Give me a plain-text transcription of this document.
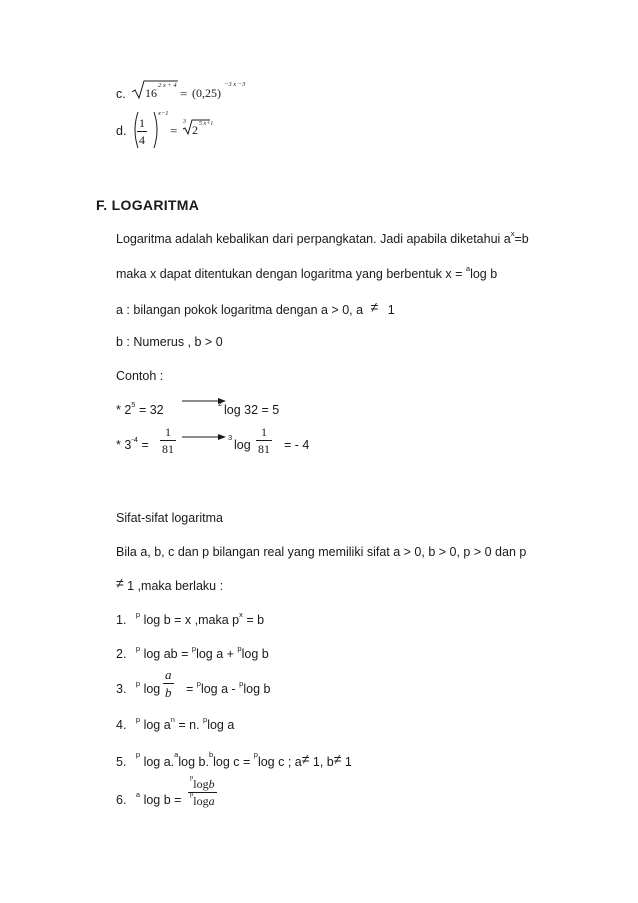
c. 16
2 x + 4
= (0,25)
−3 x −3
d. $\frac{1}{4}$
x−1
=
3
2 5 x+1
F. LOGARITMA
Logaritma adalah kebalikan dari perpangkatan. Jadi apabila diketahui $a^x=b$
maka x dapat ditentukan dengan logaritma yang berbentuk x = $^a$log b
a : bilangan pokok logaritma dengan a > 0, a ≠ 1
b : Numerus , b > 0
Contoh :
* $2^5 = 32$	2 log 32 = 5
* $3^{-4} = \frac{1}{81}$	$_3$
$\log \frac{1}{81}$ = - 4
Sifat-sifat logaritma
Bila a, b, c dan p bilangan real yang memiliki sifat a > 0, b > 0, p > 0 dan p
≠ 1 ,maka berlaku :
1. $^p$ log b = x ,maka $p^x = b$
2. $^p$ log ab = $^p$log a + $^p$log b
3. $^p$ $\log \frac{a}{b} = ^p\log$ a - $^p$log b
4. $^p$ $\log a^n = n$. $^p$log a
5. $^p$ log a.$^a$log b.$^b$log c = $^p$log c ; a≠ 1, b≠ 1
6. $^a$ $\log b = \frac{^p\log b}{^p\log a}$
